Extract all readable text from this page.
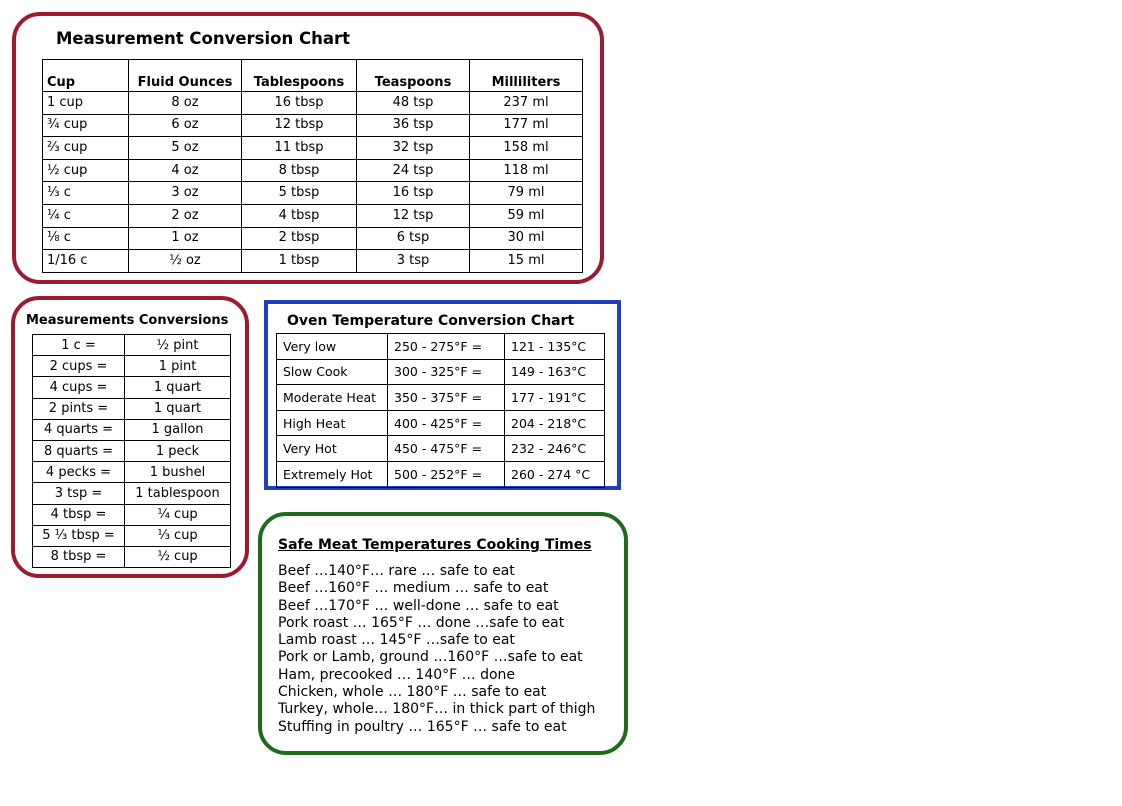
Measurement Conversion Chart
Cup	Fluid Ounces	Tablespoons	Teaspoons	Milliliters
1 cup	8 oz	16 tbsp	48 tsp	237 ml
¾ cup	6 oz	12 tbsp	36 tsp	177 ml
⅔ cup	5 oz	11 tbsp	32 tsp	158 ml
½ cup	4 oz	8 tbsp	24 tsp	118 ml
⅓ c	3 oz	5 tbsp	16 tsp	79 ml
¼ c	2 oz	4 tbsp	12 tsp	59 ml
⅛ c	1 oz	2 tbsp	6 tsp	30 ml
1/16 c	½ oz	1 tbsp	3 tsp	15 ml
Measurements Conversions
1 c =	½ pint
2 cups =	1 pint
4 cups =	1 quart
2 pints =	1 quart
4 quarts =	1 gallon
8 quarts =	1 peck
4 pecks =	1 bushel
3 tsp =	1 tablespoon
4 tbsp =	¼ cup
5 ⅓ tbsp =	⅓ cup
8 tbsp =	½ cup
Oven Temperature Conversion Chart
Very low	250 - 275°F =	121 - 135°C
Slow Cook	300 - 325°F =	149 - 163°C
Moderate Heat	350 - 375°F =	177 - 191°C
High Heat	400 - 425°F =	204 - 218°C
Very Hot	450 - 475°F =	232 - 246°C
Extremely Hot	500 - 252°F =	260 - 274 °C
Safe Meat Temperatures Cooking Times
Beef …140°F… rare … safe to eat
Beef …160°F … medium … safe to eat
Beef …170°F … well-done … safe to eat
Pork roast … 165°F … done …safe to eat
Lamb roast … 145°F …safe to eat
Pork or Lamb, ground …160°F …safe to eat
Ham, precooked … 140°F … done
Chicken, whole … 180°F … safe to eat
Turkey, whole… 180°F… in thick part of thigh
Stuffing in poultry … 165°F … safe to eat
